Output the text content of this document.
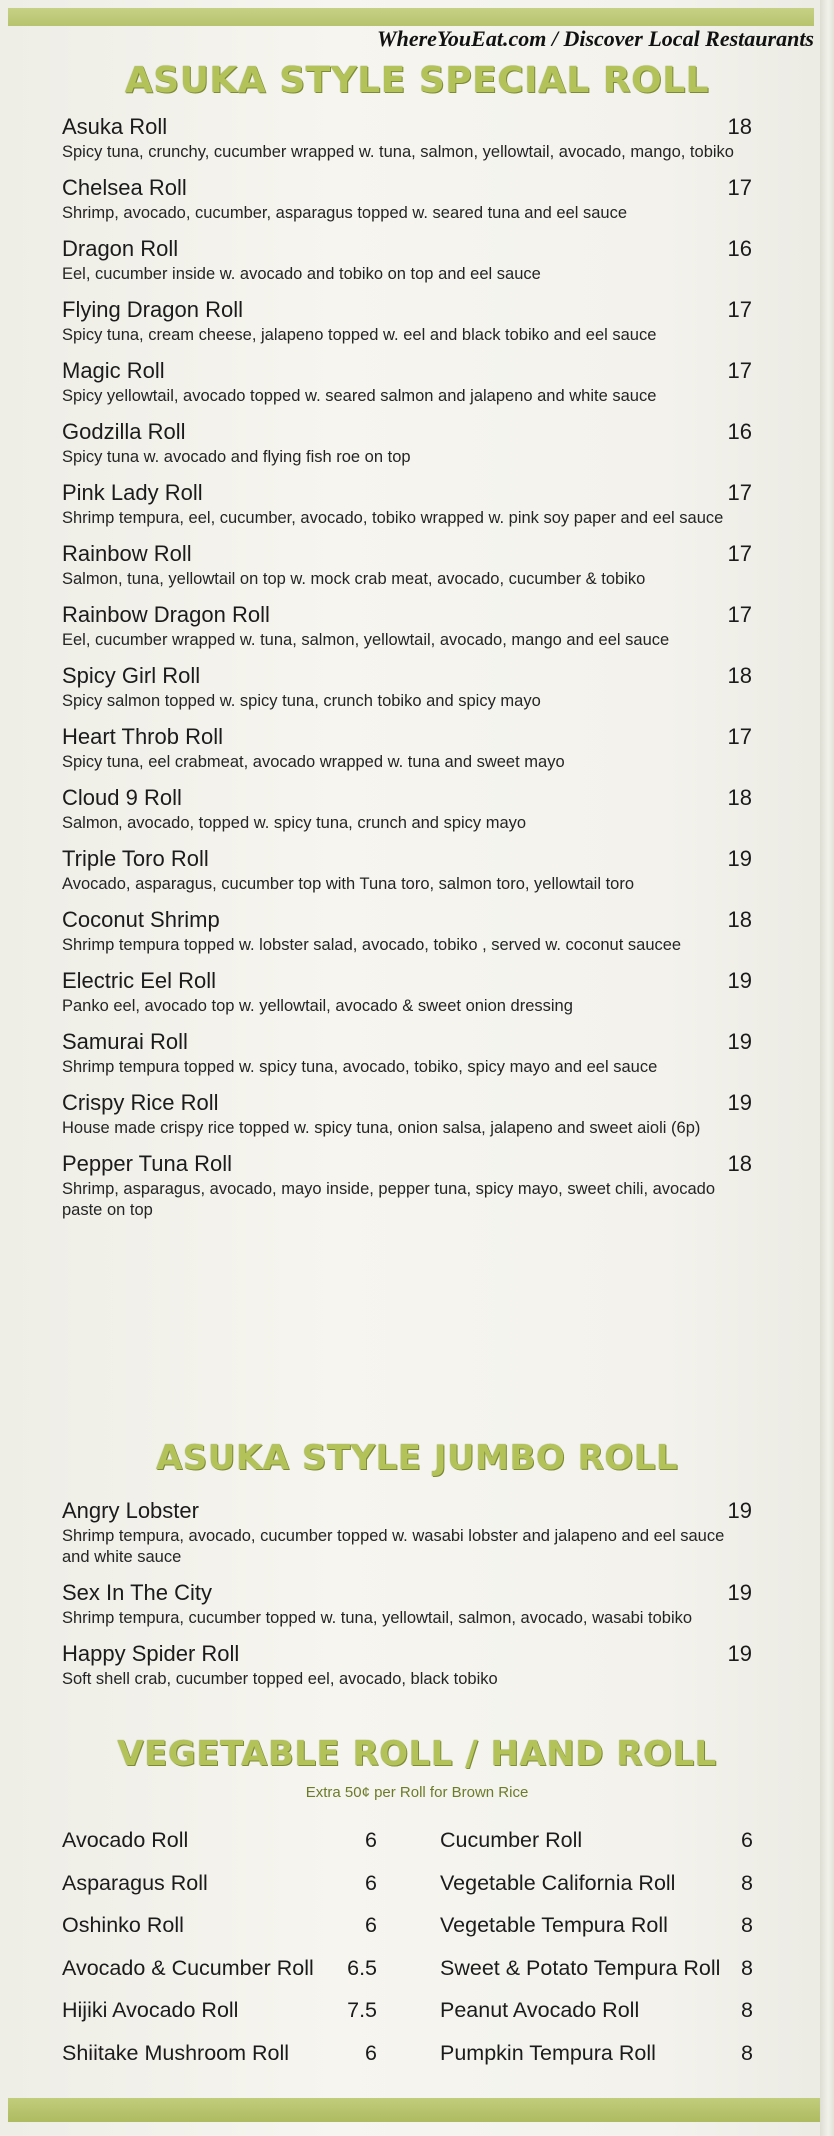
WhereYouEat.com / Discover Local Restaurants
ASUKA STYLE SPECIAL ROLL
Asuka Roll	18
Spicy tuna, crunchy, cucumber wrapped w. tuna, salmon, yellowtail, avocado, mango, tobiko
Chelsea Roll	17
Shrimp, avocado, cucumber, asparagus topped w. seared tuna and eel sauce
Dragon Roll	16
Eel, cucumber inside w. avocado and tobiko on top and eel sauce
Flying Dragon Roll	17
Spicy tuna, cream cheese, jalapeno topped w. eel and black tobiko and eel sauce
Magic Roll	17
Spicy yellowtail, avocado topped w. seared salmon and jalapeno and white sauce
Godzilla Roll	16
Spicy tuna w. avocado and flying fish roe on top
Pink Lady Roll	17
Shrimp tempura, eel, cucumber, avocado, tobiko wrapped w. pink soy paper and eel sauce
Rainbow Roll	17
Salmon, tuna, yellowtail on top w. mock crab meat, avocado, cucumber & tobiko
Rainbow Dragon Roll	17
Eel, cucumber wrapped w. tuna, salmon, yellowtail, avocado, mango and eel sauce
Spicy Girl Roll	18
Spicy salmon topped w. spicy tuna, crunch tobiko and spicy mayo
Heart Throb Roll	17
Spicy tuna, eel crabmeat, avocado wrapped w. tuna and sweet mayo
Cloud 9 Roll	18
Salmon, avocado, topped w. spicy tuna, crunch and spicy mayo
Triple Toro Roll	19
Avocado, asparagus, cucumber top with Tuna toro, salmon toro, yellowtail toro
Coconut Shrimp	18
Shrimp tempura topped w. lobster salad, avocado, tobiko , served w. coconut saucee
Electric Eel Roll	19
Panko eel, avocado top w. yellowtail, avocado & sweet onion dressing
Samurai Roll	19
Shrimp tempura topped w. spicy tuna, avocado, tobiko, spicy mayo and eel sauce
Crispy Rice Roll	19
House made crispy rice topped w. spicy tuna, onion salsa, jalapeno and sweet aioli (6p)
Pepper Tuna Roll	18
Shrimp, asparagus, avocado, mayo inside, pepper tuna, spicy mayo, sweet chili, avocado paste on top
ASUKA STYLE JUMBO ROLL
Angry Lobster	19
Shrimp tempura, avocado, cucumber topped w. wasabi lobster and jalapeno and eel sauce and white sauce
Sex In The City	19
Shrimp tempura, cucumber topped w. tuna, yellowtail, salmon, avocado, wasabi tobiko
Happy Spider Roll	19
Soft shell crab, cucumber topped eel, avocado, black tobiko
VEGETABLE ROLL / HAND ROLL
Extra 50¢ per Roll for Brown Rice
Avocado Roll	6
Asparagus Roll	6
Oshinko Roll	6
Avocado & Cucumber Roll 6.5
Hijiki Avocado Roll	7.5
Shiitake Mushroom Roll	6
Cucumber Roll	6
Vegetable California Roll	8
Vegetable Tempura Roll	8
Sweet & Potato Tempura Roll 8
Peanut Avocado Roll	8
Pumpkin Tempura Roll	8
